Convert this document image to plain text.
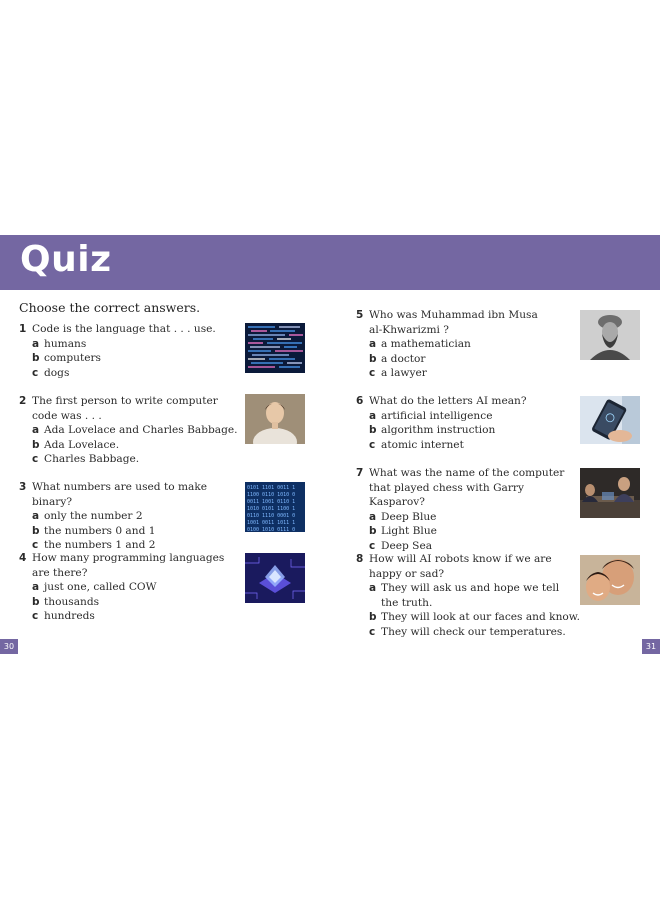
Quiz
Choose the correct answers.
1 Code is the language that . . . use.
a humans
b computers
c dogs
2 The first person to write computer
code was . . .
a Ada Lovelace and Charles Babbage.
b Ada Lovelace.
c Charles Babbage.
3 What numbers are used to make binary?
a only the number 2
b the numbers 0 and 1
c the numbers 1 and 2
4 How many programming languages
are there?
a just one, called COW
b thousands
c hundreds
5 Who was Muhammad ibn Musa
al-Khwarizmi ?
a a mathematician
b a doctor
c a lawyer
6 What do the letters AI mean?
a artificial intelligence
b algorithm instruction
c atomic internet
7 What was the name of the computer
that played chess with Garry Kasparov?
a Deep Blue
b Light Blue
c Deep Sea
8 How will AI robots know if we are
happy or sad?
a They will ask us and hope we tell
the truth.
b They will look at our faces and know.
c They will check our temperatures.
0101 1101 0011 1
1100 0110 1010 0
0011 1001 0110 1
1010 0101 1100 1
0110 1110 0001 0
1001 0011 1011 1
0100 1010 0111 0
30	31
